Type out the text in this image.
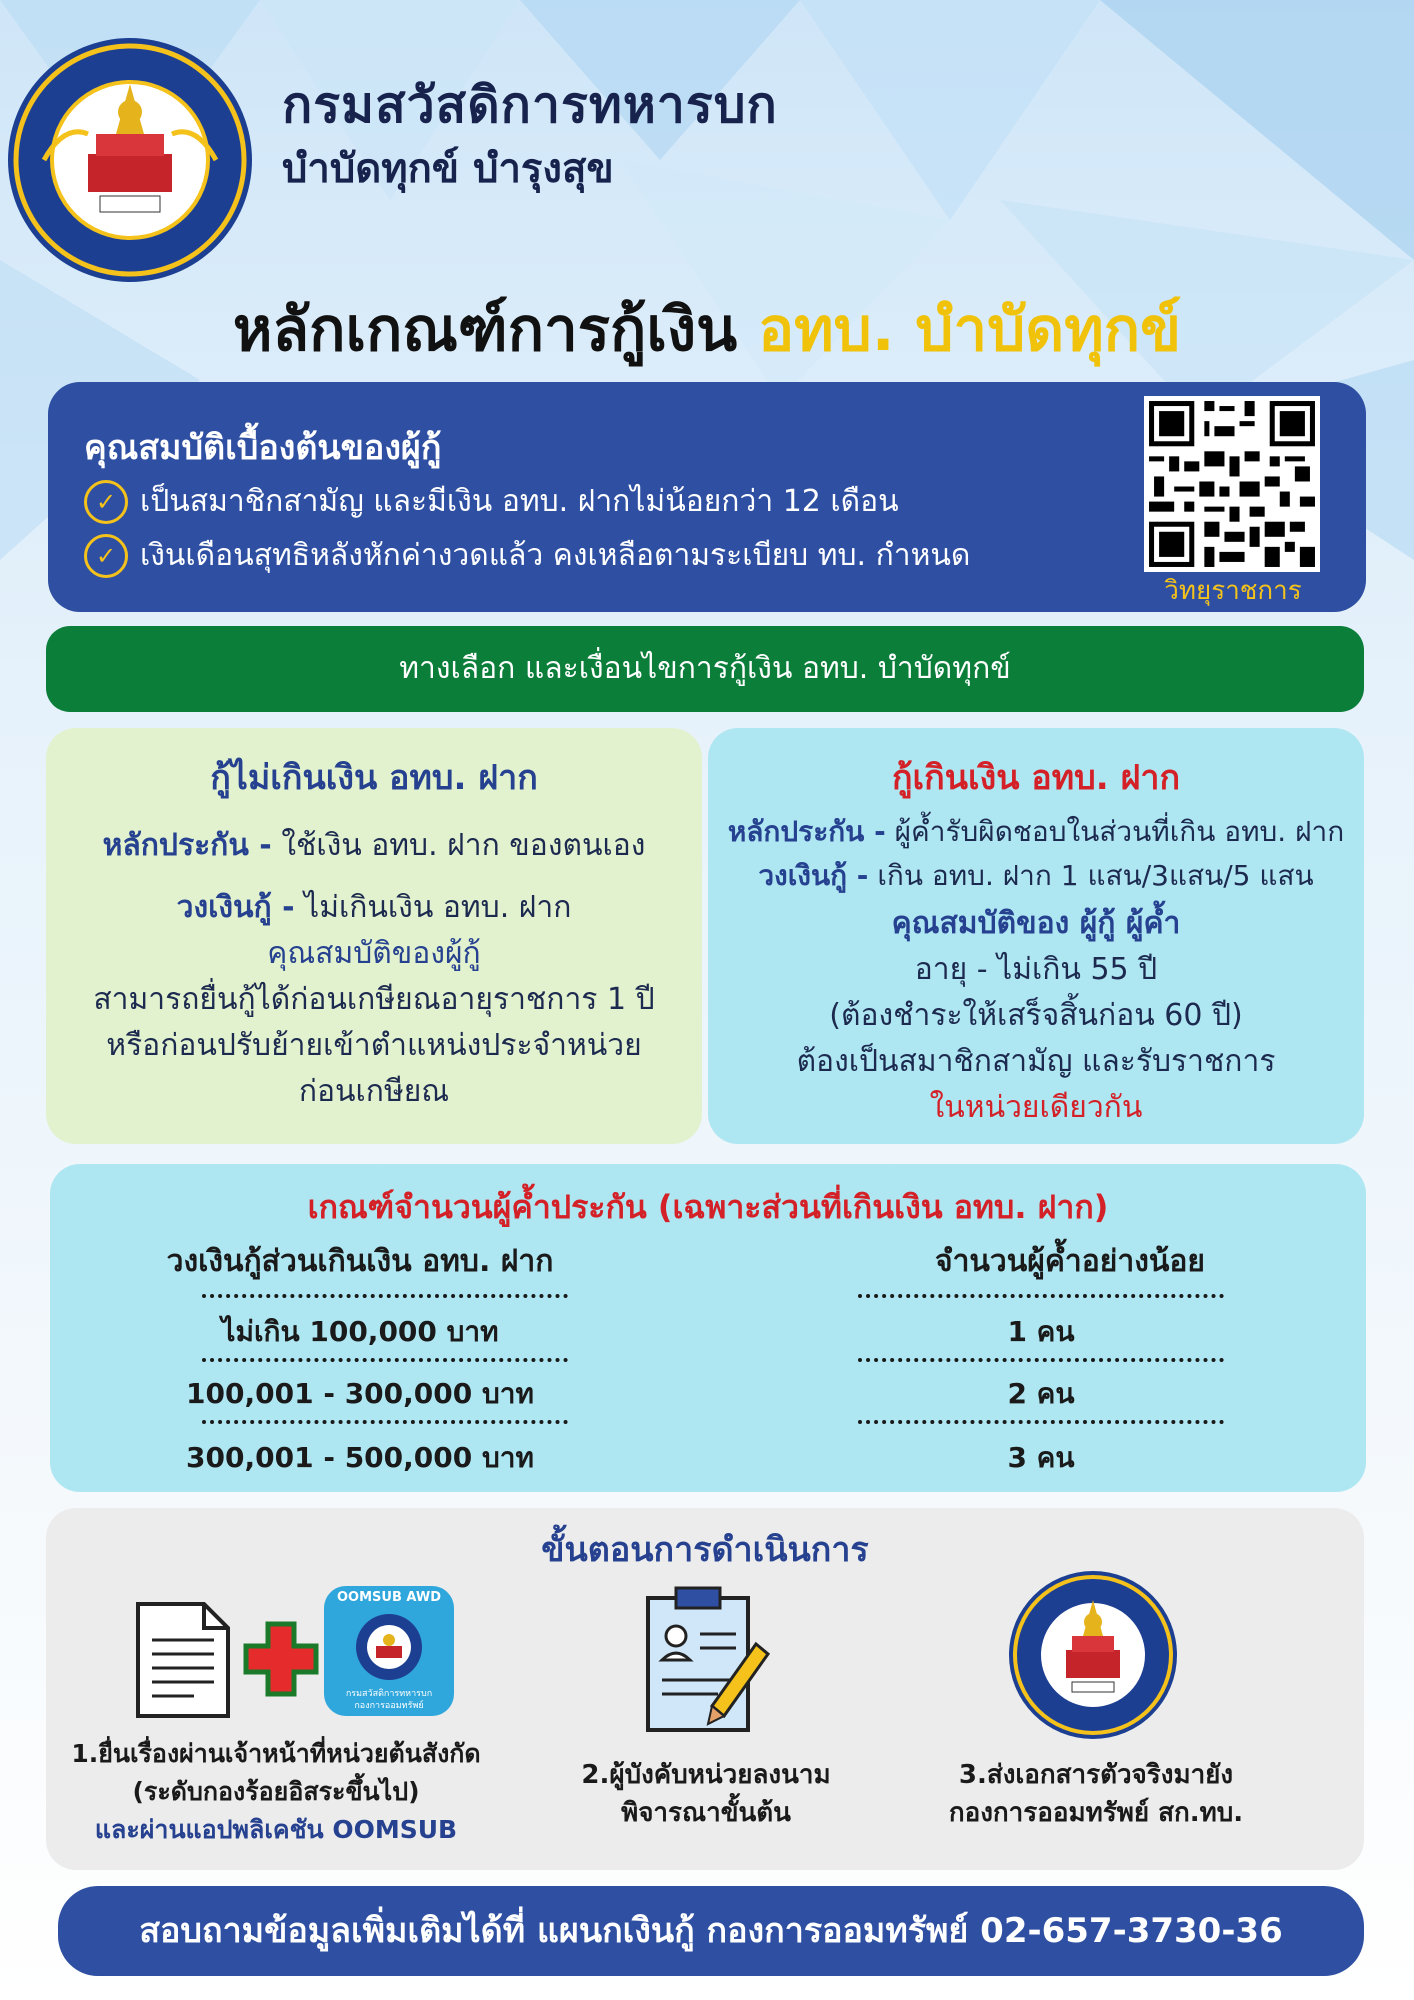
กรมสวัสดิการทหารบก
บำบัดทุกข์ บำรุงสุข
หลักเกณฑ์การกู้เงิน อทบ. บำบัดทุกข์
คุณสมบัติเบื้องต้นของผู้กู้
✓ เป็นสมาชิกสามัญ และมีเงิน อทบ. ฝากไม่น้อยกว่า 12 เดือน
✓ เงินเดือนสุทธิหลังหักค่างวดแล้ว คงเหลือตามระเบียบ ทบ. กำหนด
วิทยุราชการ
ทางเลือก และเงื่อนไขการกู้เงิน อทบ. บำบัดทุกข์
กู้ไม่เกินเงิน อทบ. ฝาก
หลักประกัน - ใช้เงิน อทบ. ฝาก ของตนเอง
วงเงินกู้ - ไม่เกินเงิน อทบ. ฝาก
คุณสมบัติของผู้กู้
สามารถยื่นกู้ได้ก่อนเกษียณอายุราชการ 1 ปี
หรือก่อนปรับย้ายเข้าตำแหน่งประจำหน่วย
ก่อนเกษียณ
กู้เกินเงิน อทบ. ฝาก
หลักประกัน - ผู้ค้ำรับผิดชอบในส่วนที่เกิน อทบ. ฝาก
วงเงินกู้ - เกิน อทบ. ฝาก 1 แสน/3แสน/5 แสน
คุณสมบัติของ ผู้กู้ ผู้ค้ำ
อายุ - ไม่เกิน 55 ปี
(ต้องชำระให้เสร็จสิ้นก่อน 60 ปี)
ต้องเป็นสมาชิกสามัญ และรับราชการ
ในหน่วยเดียวกัน
เกณฑ์จำนวนผู้ค้ำประกัน (เฉพาะส่วนที่เกินเงิน อทบ. ฝาก)
วงเงินกู้ส่วนเกินเงิน อทบ. ฝาก	จำนวนผู้ค้ำอย่างน้อย
ไม่เกิน 100,000 บาท	1 คน
100,001 - 300,000 บาท	2 คน
300,001 - 500,000 บาท	3 คน
ขั้นตอนการดำเนินการ
OOMSUB AWD
กรมสวัสดิการทหารบก
กองการออมทรัพย์
1.ยื่นเรื่องผ่านเจ้าหน้าที่หน่วยต้นสังกัด
(ระดับกองร้อยอิสระขึ้นไป)
และผ่านแอปพลิเคชัน OOMSUB
2.ผู้บังคับหน่วยลงนาม
พิจารณาขั้นต้น
3.ส่งเอกสารตัวจริงมายัง
กองการออมทรัพย์ สก.ทบ.
สอบถามข้อมูลเพิ่มเติมได้ที่ แผนกเงินกู้ กองการออมทรัพย์ 02-657-3730-36
